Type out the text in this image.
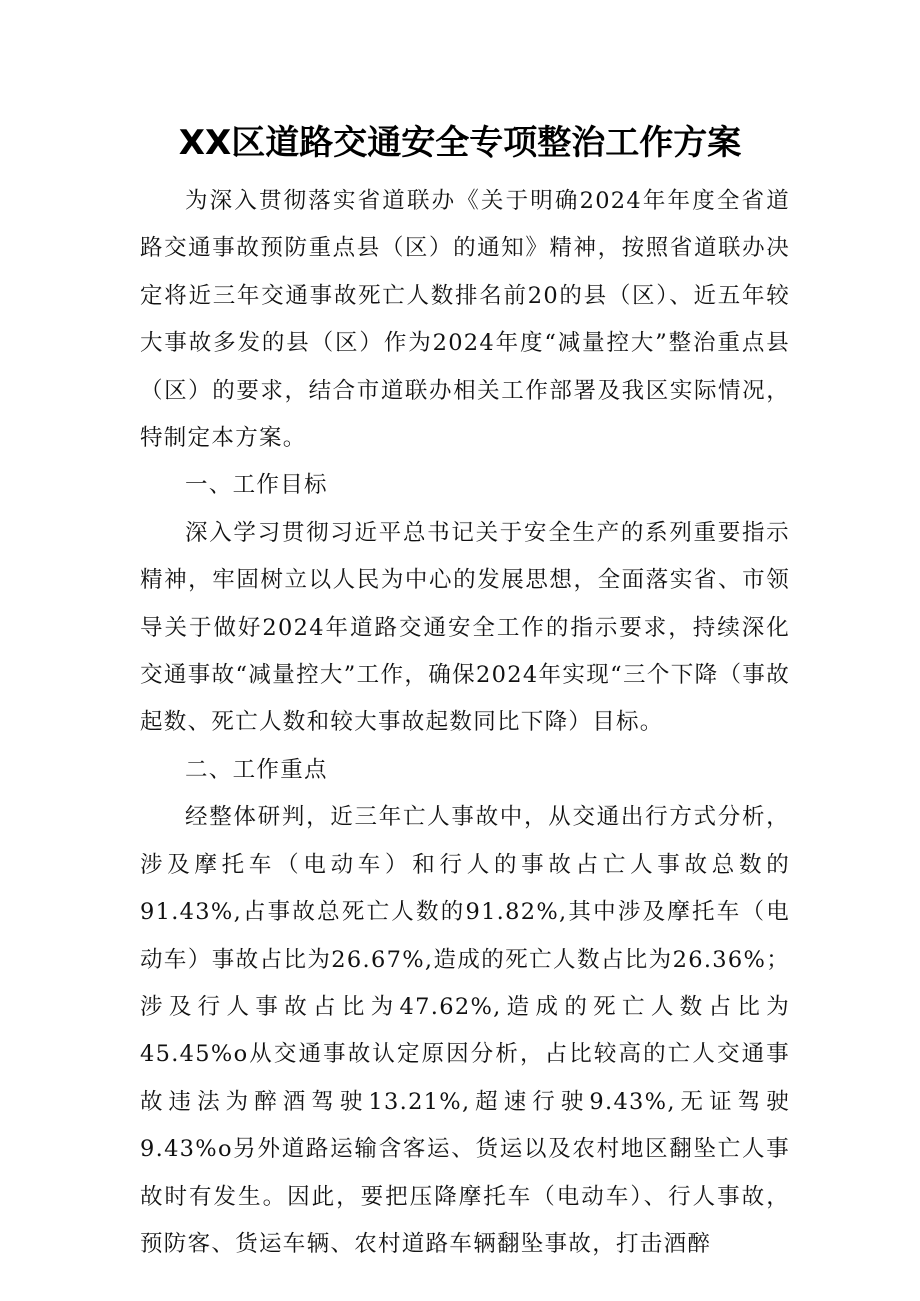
XX区道路交通安全专项整治工作方案

为深入贯彻落实省道联办《关于明确2024年年度全省道路交通事故预防重点县（区）的通知》精神，按照省道联办决定将近三年交通事故死亡人数排名前20的县（区）、近五年较大事故多发的县（区）作为2024年度“减量控大”整治重点县（区）的要求，结合市道联办相关工作部署及我区实际情况，特制定本方案。

一、工作目标

深入学习贯彻习近平总书记关于安全生产的系列重要指示精神，牢固树立以人民为中心的发展思想，全面落实省、市领导关于做好2024年道路交通安全工作的指示要求，持续深化交通事故“减量控大”工作，确保2024年实现“三个下降（事故起数、死亡人数和较大事故起数同比下降）目标。

二、工作重点

经整体研判，近三年亡人事故中，从交通出行方式分析，涉及摩托车（电动车）和行人的事故占亡人事故总数的91.43%,占事故总死亡人数的91.82%,其中涉及摩托车（电动车）事故占比为26.67%,造成的死亡人数占比为26.36%；涉及行人事故占比为47.62%,造成的死亡人数占比为45.45%o从交通事故认定原因分析，占比较高的亡人交通事故违法为醉酒驾驶13.21%,超速行驶9.43%,无证驾驶9.43%o另外道路运输含客运、货运以及农村地区翻坠亡人事故时有发生。因此，要把压降摩托车（电动车）、行人事故，预防客、货运车辆、农村道路车辆翻坠事故，打击酒醉
